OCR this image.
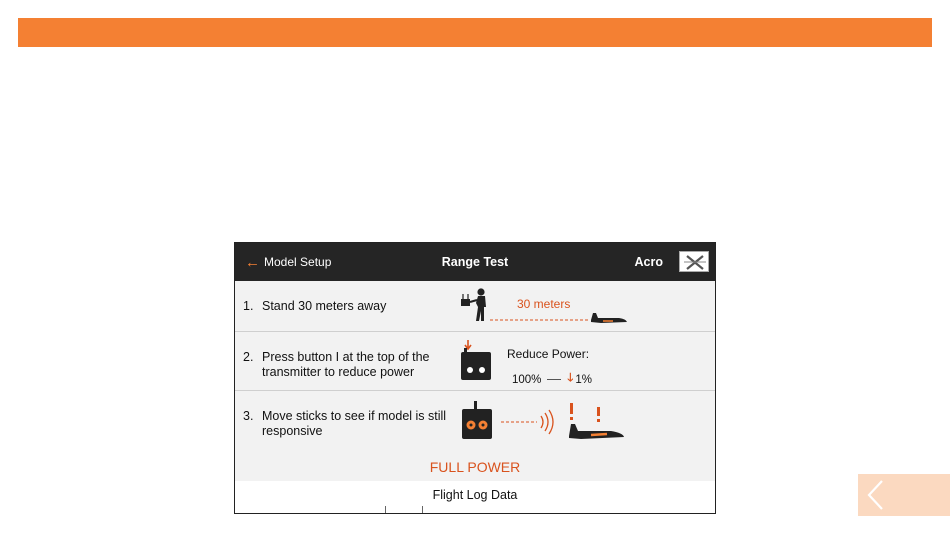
← Model Setup	Range Test	Acro
1. Stand 30 meters away	30 meters
2. Press button I at the top of the
transmitter to reduce power
Reduce Power:
100% 🡓 1%
3. Move sticks to see if model is still
responsive
FULL POWER
Flight Log Data
